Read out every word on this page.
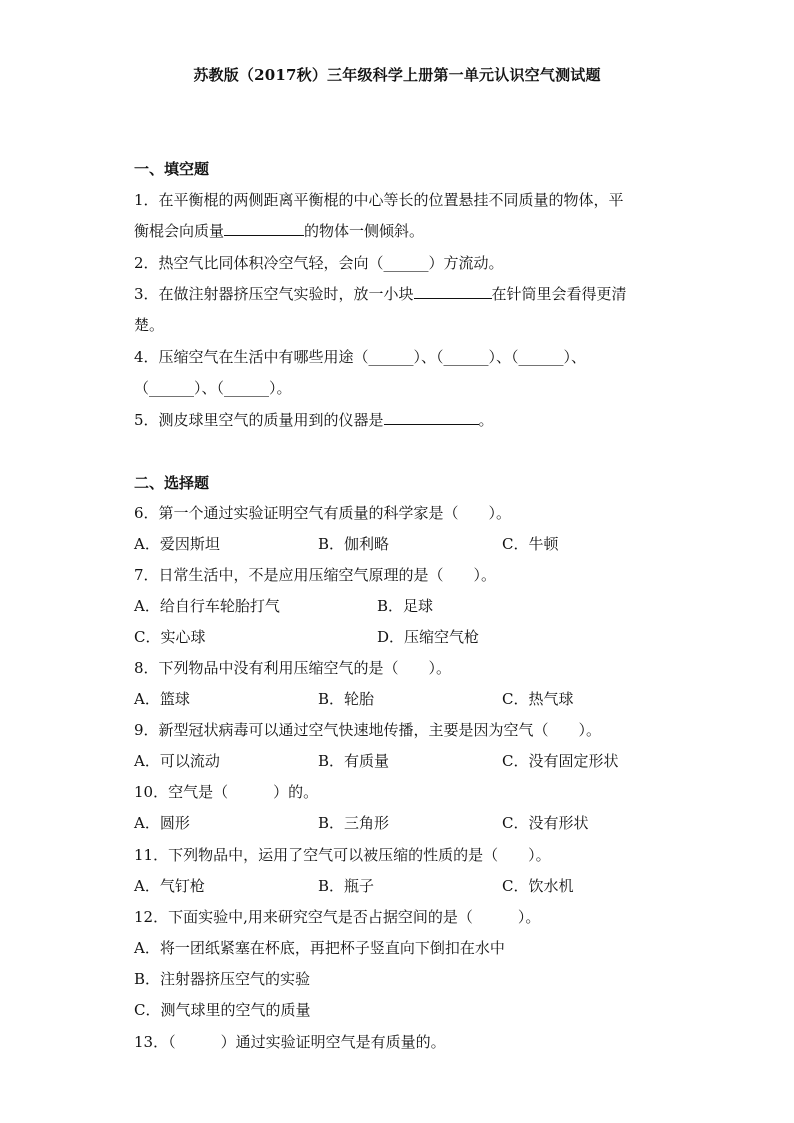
苏教版（2017秋）三年级科学上册第一单元认识空气测试题
一、填空题
1．在平衡棍的两侧距离平衡棍的中心等长的位置悬挂不同质量的物体，平
衡棍会向质量	的物体一侧倾斜。
2．热空气比同体积冷空气轻，会向（______）方流动。
3．在做注射器挤压空气实验时，放一小块	在针筒里会看得更清
楚。
4．压缩空气在生活中有哪些用途（______）、（______）、（______）、
（______）、（______）。
5．测皮球里空气的质量用到的仪器是	。
二、选择题
6．第一个通过实验证明空气有质量的科学家是（　　）。
A．爱因斯坦	B．伽利略	C．牛顿
7．日常生活中，不是应用压缩空气原理的是（　　）。
A．给自行车轮胎打气	B．足球
C．实心球	D．压缩空气枪
8．下列物品中没有利用压缩空气的是（　　）。
A．篮球	B．轮胎	C．热气球
9．新型冠状病毒可以通过空气快速地传播，主要是因为空气（　　）。
A．可以流动	B．有质量	C．没有固定形状
10．空气是（　　　）的。
A．圆形	B．三角形	C．没有形状
11．下列物品中，运用了空气可以被压缩的性质的是（　　）。
A．气钉枪	B．瓶子	C．饮水机
12．下面实验中,用来研究空气是否占据空间的是（　　　）。
A．将一团纸紧塞在杯底，再把杯子竖直向下倒扣在水中
B．注射器挤压空气的实验
C．测气球里的空气的质量
13．（　　　）通过实验证明空气是有质量的。
